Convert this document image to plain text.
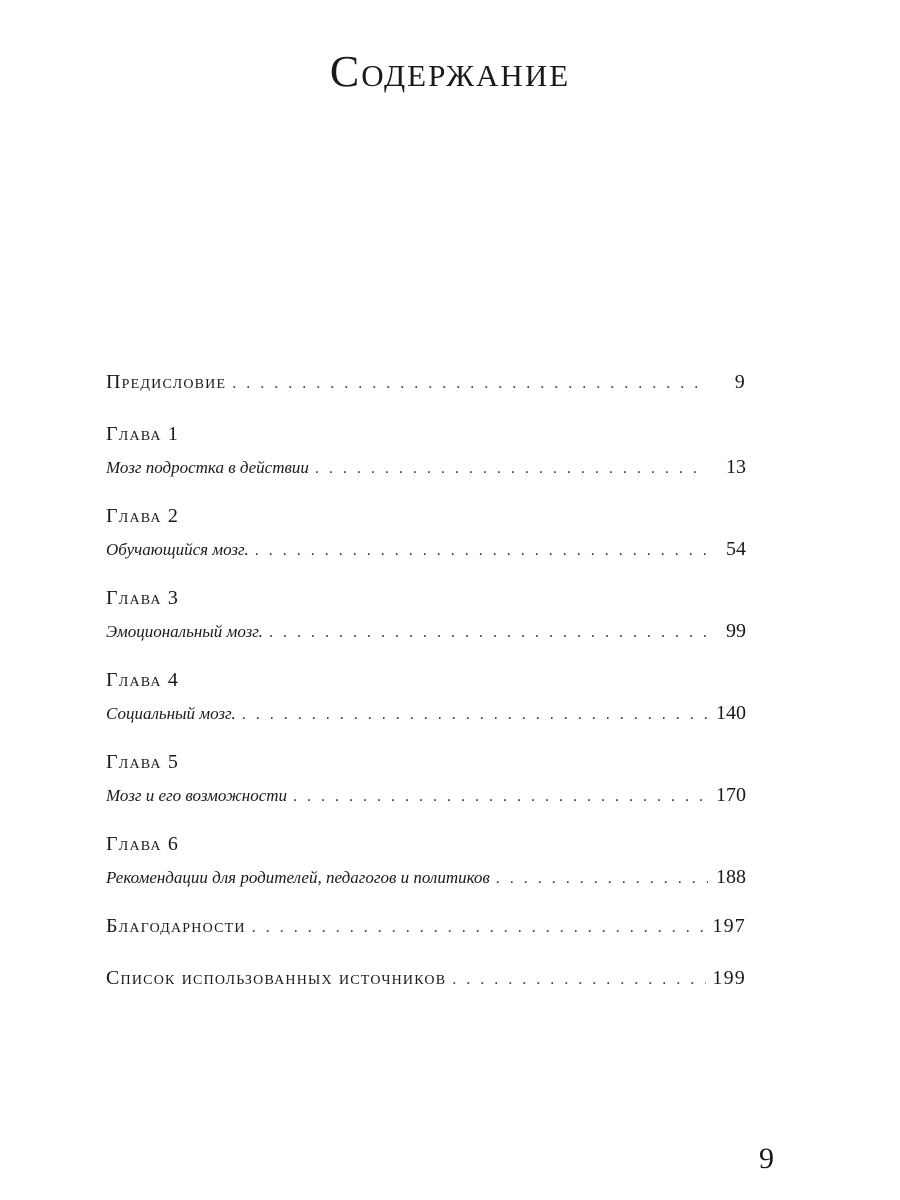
Содержание
Предисловие . . .	9
Глава 1
Мозг подростка в действии . . .	13
Глава 2
Обучающийся мозг. . . .	54
Глава 3
Эмоциональный мозг. . . .	99
Глава 4
Социальный мозг. . . .	140
Глава 5
Мозг и его возможности . . .	170
Глава 6
Рекомендации для родителей, педагогов и политиков . . .	188
Благодарности . . .	197
Список использованных источников . . .	199
9
